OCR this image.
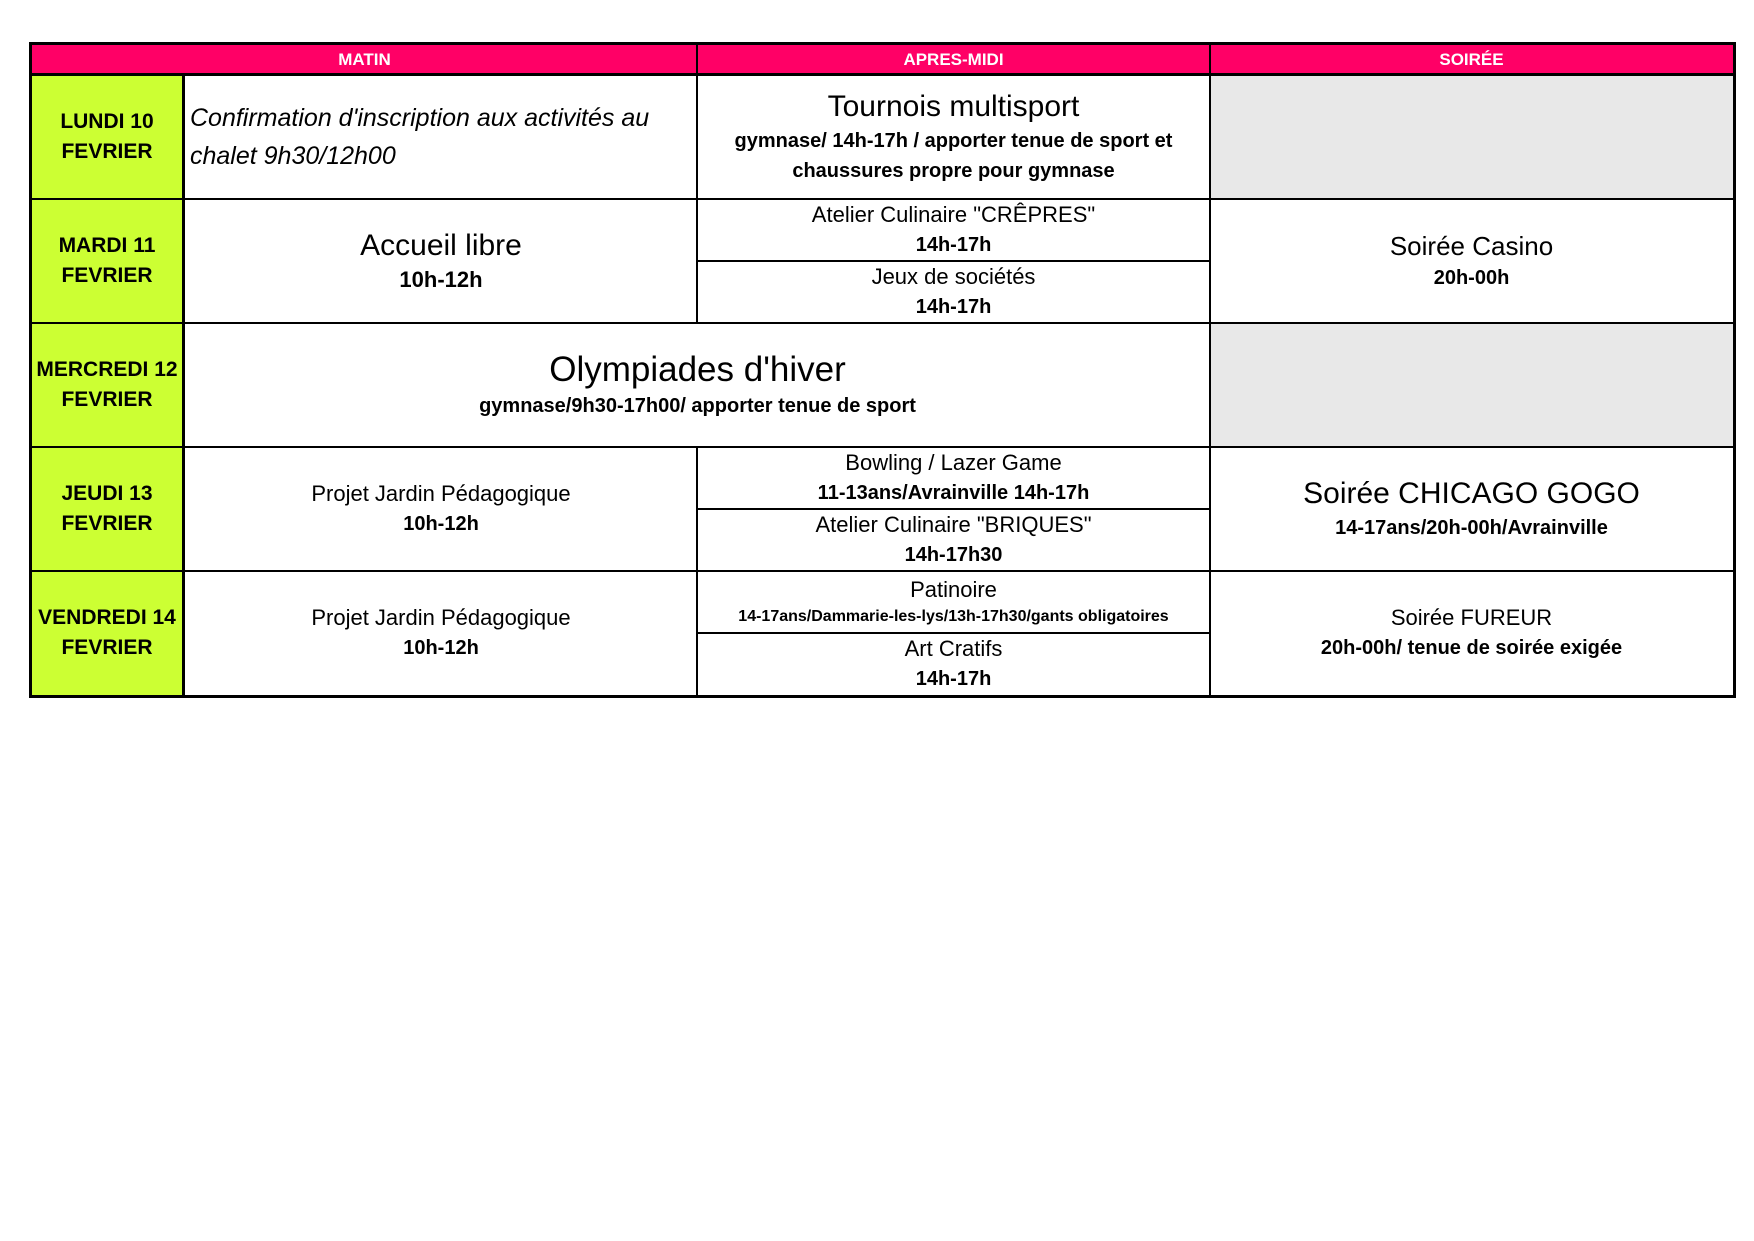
MATIN	APRES-MIDI	SOIRÉE
LUNDI 10
FEVRIER
MARDI 11
FEVRIER
MERCREDI 12
FEVRIER
JEUDI 13
FEVRIER
VENDREDI 14
FEVRIER
Confirmation d'inscription aux activités au chalet 9h30/12h00
Tournois multisport
gymnase/ 14h-17h / apporter tenue de sport et chaussures propre pour gymnase
Accueil libre
10h-12h
Atelier Culinaire "CRÊPRES"
14h-17h
Jeux de sociétés
14h-17h
Soirée Casino
20h-00h
Olympiades d'hiver
gymnase/9h30-17h00/ apporter tenue de sport
Projet Jardin Pédagogique
10h-12h
Bowling / Lazer Game
11-13ans/Avrainville 14h-17h
Atelier Culinaire "BRIQUES"
14h-17h30
Soirée CHICAGO GOGO
14-17ans/20h-00h/Avrainville
Projet Jardin Pédagogique
10h-12h
Patinoire
14-17ans/Dammarie-les-lys/13h-17h30/gants obligatoires
Art Cratifs
14h-17h
Soirée FUREUR
20h-00h/ tenue de soirée exigée
